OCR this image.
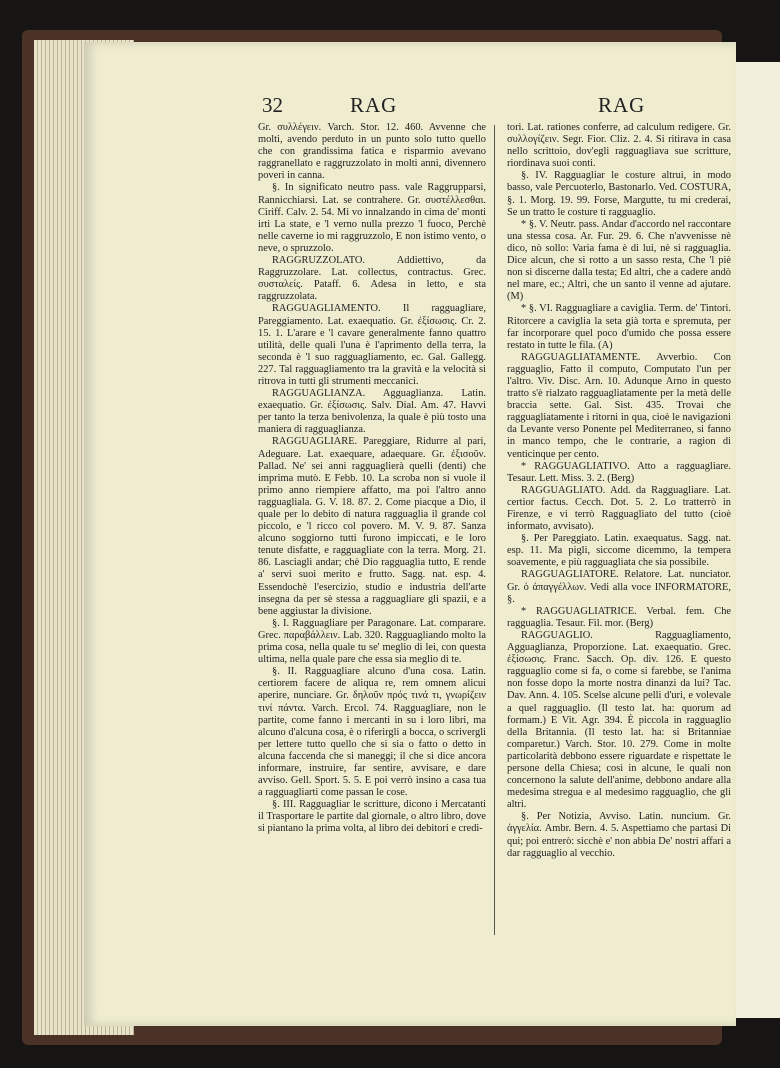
32	RAG	RAG

Gr. συλλέγειν. Varch. Stor. 12. 460. Avvenne che molti, avendo perduto in un punto solo tutto quello che con grandissima fatica e risparmio avevano raggranellato e raggruzzolato in molti anni, divennero poveri in canna.

§. In significato neutro pass. vale Raggrupparsi, Rannicchiarsi. Lat. se contrahere. Gr. συστέλλεσθαι. Ciriff. Calv. 2. 54. Mi vo innalzando in cima de' monti irti La state, e 'l verno nulla prezzo 'l fuoco, Perchè nelle caverne io mi raggruzzolo, E non istimo vento, o neve, o spruzzolo.

RAGGRUZZOLATO. Addiettivo, da Raggruzzolare. Lat. collectus, contractus. Grec. συσταλείς. Pataff. 6. Adesa in letto, e sta raggruzzolata.

RAGGUAGLIAMENTO. Il ragguagliare, Pareggiamento. Lat. exaequatio. Gr. ἐξίσωσις. Cr. 2. 15. 1. L'arare e 'l cavare generalmente fanno quattro utilità, delle quali l'una è l'aprimento della terra, la seconda è 'l suo ragguagliamento, ec. Gal. Gallegg. 227. Tal ragguagliamento tra la gravità e la velocità si ritrova in tutti gli strumenti meccanici.

RAGGUAGLIANZA. Agguaglianza. Latin. exaequatio. Gr. ἐξίσωσις. Salv. Dial. Am. 47. Havvi per tanto la terza benivolenza, la quale è più tosto una maniera di ragguaglianza.

RAGGUAGLIARE. Pareggiare, Ridurre al pari, Adeguare. Lat. exaequare, adaequare. Gr. ἐξισοῦν. Pallad. Ne' sei anni ragguaglierà quelli (denti) che imprima mutò. E Febb. 10. La scroba non si vuole il primo anno riempiere affatto, ma poi l'altro anno ragguagliala. G. V. 18. 87. 2. Come piacque a Dio, il quale per lo debito di natura ragguaglia il grande col piccolo, e 'l ricco col povero. M. V. 9. 87. Sanza alcuno soggiorno tutti furono impiccati, e le loro tenute disfatte, e ragguagliate con la terra. Morg. 21. 86. Lasciagli andar; chè Dio ragguaglia tutto, E rende a' servi suoi merito e frutto. Sagg. nat. esp. 4. Essendochè l'esercizio, studio e industria dell'arte insegna da per sè stessa a ragguagliare gli spazii, e a bene aggiustar la divisione.

§. I. Ragguagliare per Paragonare. Lat. comparare. Grec. παραβάλλειν. Lab. 320. Ragguagliando molto la prima cosa, nella quale tu se' meglio di lei, con questa ultima, nella quale pare che essa sia meglio di te.

§. II. Ragguagliare alcuno d'una cosa. Latin. certiorem facere de aliqua re, rem omnem alicui aperire, nunciare. Gr. δηλοῦν πρός τινά τι, γνωρίζειν τινί πάντα. Varch. Ercol. 74. Ragguagliare, non le partite, come fanno i mercanti in su i loro libri, ma alcuno d'alcuna cosa, è o riferirgli a bocca, o scrivergli per lettere tutto quello che si sia o fatto o detto in alcuna faccenda che si maneggi; il che si dice ancora informare, instruire, far sentire, avvisare, e dare avviso. Gell. Sport. 5. 5. E poi verrò insino a casa tua a ragguagliarti come passan le cose.

§. III. Ragguagliar le scritture, dicono i Mercatanti il Trasportare le partite dal giornale, o altro libro, dove si piantano la prima volta, al libro dei debitori e credi-

tori. Lat. rationes conferre, ad calculum redigere. Gr. συλλογίζειν. Segr. Fior. Cliz. 2. 4. Si ritirava in casa nello scrittoio, dov'egli ragguagliava sue scritture, riordinava suoi conti.

§. IV. Ragguagliar le costure altrui, in modo basso, vale Percuoterlo, Bastonarlo. Ved. COSTURA, §. 1. Morg. 19. 99. Forse, Margutte, tu mi crederai, Se un tratto le costure ti ragguaglio.

* §. V. Neutr. pass. Andar d'accordo nel raccontare una stessa cosa. Ar. Fur. 29. 6. Che n'avvenisse nè dico, nò sollo: Varia fama è di lui, nè si ragguaglia. Dice alcun, che si rotto a un sasso resta, Che 'l piè non si discerne dalla testa; Ed altri, che a cadere andò nel mare, ec.; Altri, che un santo il venne ad ajutare. (M)

* §. VI. Ragguagliare a caviglia. Term. de' Tintori. Ritorcere a caviglia la seta già torta e spremuta, per far incorporare quel poco d'umido che possa essere restato in tutte le fila. (A)

RAGGUAGLIATAMENTE. Avverbio. Con ragguaglio, Fatto il computo, Computato l'un per l'altro. Viv. Disc. Arn. 10. Adunque Arno in questo tratto s'è rialzato ragguagliatamente per la metà delle braccia sette. Gal. Sist. 435. Trovai che ragguagliatamente i ritorni in qua, cioè le navigazioni da Levante verso Ponente pel Mediterraneo, si fanno in manco tempo, che le contrarie, a ragion di venticinque per cento.

* RAGGUAGLIATIVO. Atto a ragguagliare. Tesaur. Lett. Miss. 3. 2. (Berg)

RAGGUAGLIATO. Add. da Ragguagliare. Lat. certior factus. Cecch. Dot. 5. 2. Lo tratterrò in Firenze, e vi terrò Ragguagliato del tutto (cioè informato, avvisato).

§. Per Pareggiato. Latin. exaequatus. Sagg. nat. esp. 11. Ma pigli, siccome dicemmo, la tempera soavemente, e più ragguagliata che sia possibile.

RAGGUAGLIATORE. Relatore. Lat. nunciator. Gr. ὁ ἀπαγγέλλων. Vedi alla voce INFORMATORE, §.

* RAGGUAGLIATRICE. Verbal. fem. Che ragguaglia. Tesaur. Fil. mor. (Berg)

RAGGUAGLIO. Ragguagliamento, Agguaglianza, Proporzione. Lat. exaequatio. Grec. ἐξίσωσις. Franc. Sacch. Op. div. 126. E questo ragguaglio come si fa, o come si farebbe, se l'anima non fosse dopo la morte nostra dinanzi da lui? Tac. Dav. Ann. 4. 105. Scelse alcune pelli d'uri, e volevale a quel ragguaglio. (Il testo lat. ha: quorum ad formam.) E Vit. Agr. 394. È piccola in ragguaglio della Britannia. (Il testo lat. ha: si Britanniae comparetur.) Varch. Stor. 10. 279. Come in molte particolarità debbono essere riguardate e rispettate le persone della Chiesa; così in alcune, le quali non concernono la salute dell'anime, debbono andare alla medesima stregua e al medesimo ragguaglio, che gli altri.

§. Per Notizia, Avviso. Latin. nuncium. Gr. ἀγγελία. Ambr. Bern. 4. 5. Aspettiamo che partasi Di qui; poi entrerò: sicchè e' non abbia De' nostri affari a dar ragguaglio al vecchio.
